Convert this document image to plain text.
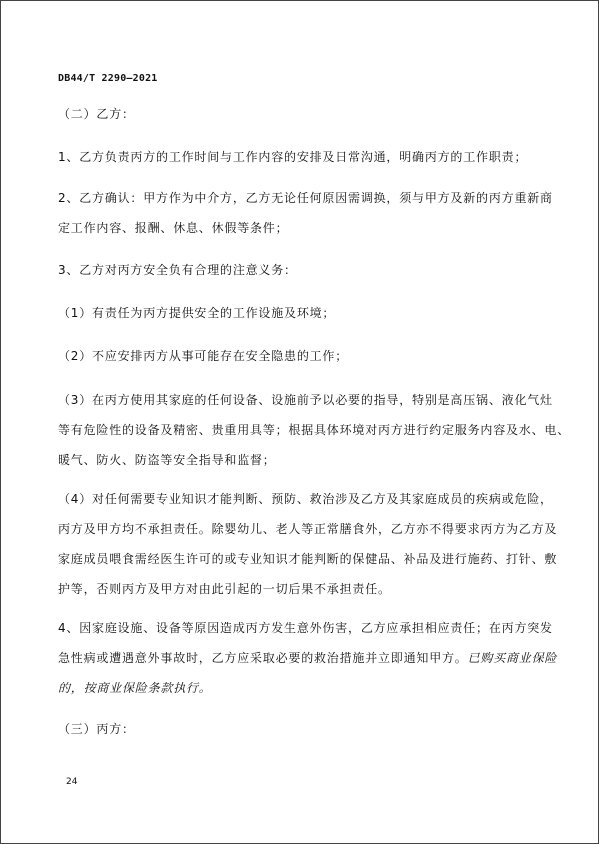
DB44/T 2290—2021

（二）乙方：

1、乙方负责丙方的工作时间与工作内容的安排及日常沟通，明确丙方的工作职责；

2、乙方确认：甲方作为中介方，乙方无论任何原因需调换，须与甲方及新的丙方重新商
定工作内容、报酬、休息、休假等条件；

3、乙方对丙方安全负有合理的注意义务：

（1）有责任为丙方提供安全的工作设施及环境；

（2）不应安排丙方从事可能存在安全隐患的工作；

（3）在丙方使用其家庭的任何设备、设施前予以必要的指导，特别是高压锅、液化气灶
等有危险性的设备及精密、贵重用具等；根据具体环境对丙方进行约定服务内容及水、电、
暖气、防火、防盗等安全指导和监督；

（4）对任何需要专业知识才能判断、预防、救治涉及乙方及其家庭成员的疾病或危险，
丙方及甲方均不承担责任。除婴幼儿、老人等正常膳食外，乙方亦不得要求丙方为乙方及
家庭成员喂食需经医生许可的或专业知识才能判断的保健品、补品及进行施药、打针、敷
护等，否则丙方及甲方对由此引起的一切后果不承担责任。

4、因家庭设施、设备等原因造成丙方发生意外伤害，乙方应承担相应责任；在丙方突发
急性病或遭遇意外事故时，乙方应采取必要的救治措施并立即通知甲方。已购买商业保险
的，按商业保险条款执行。

（三）丙方：

24
